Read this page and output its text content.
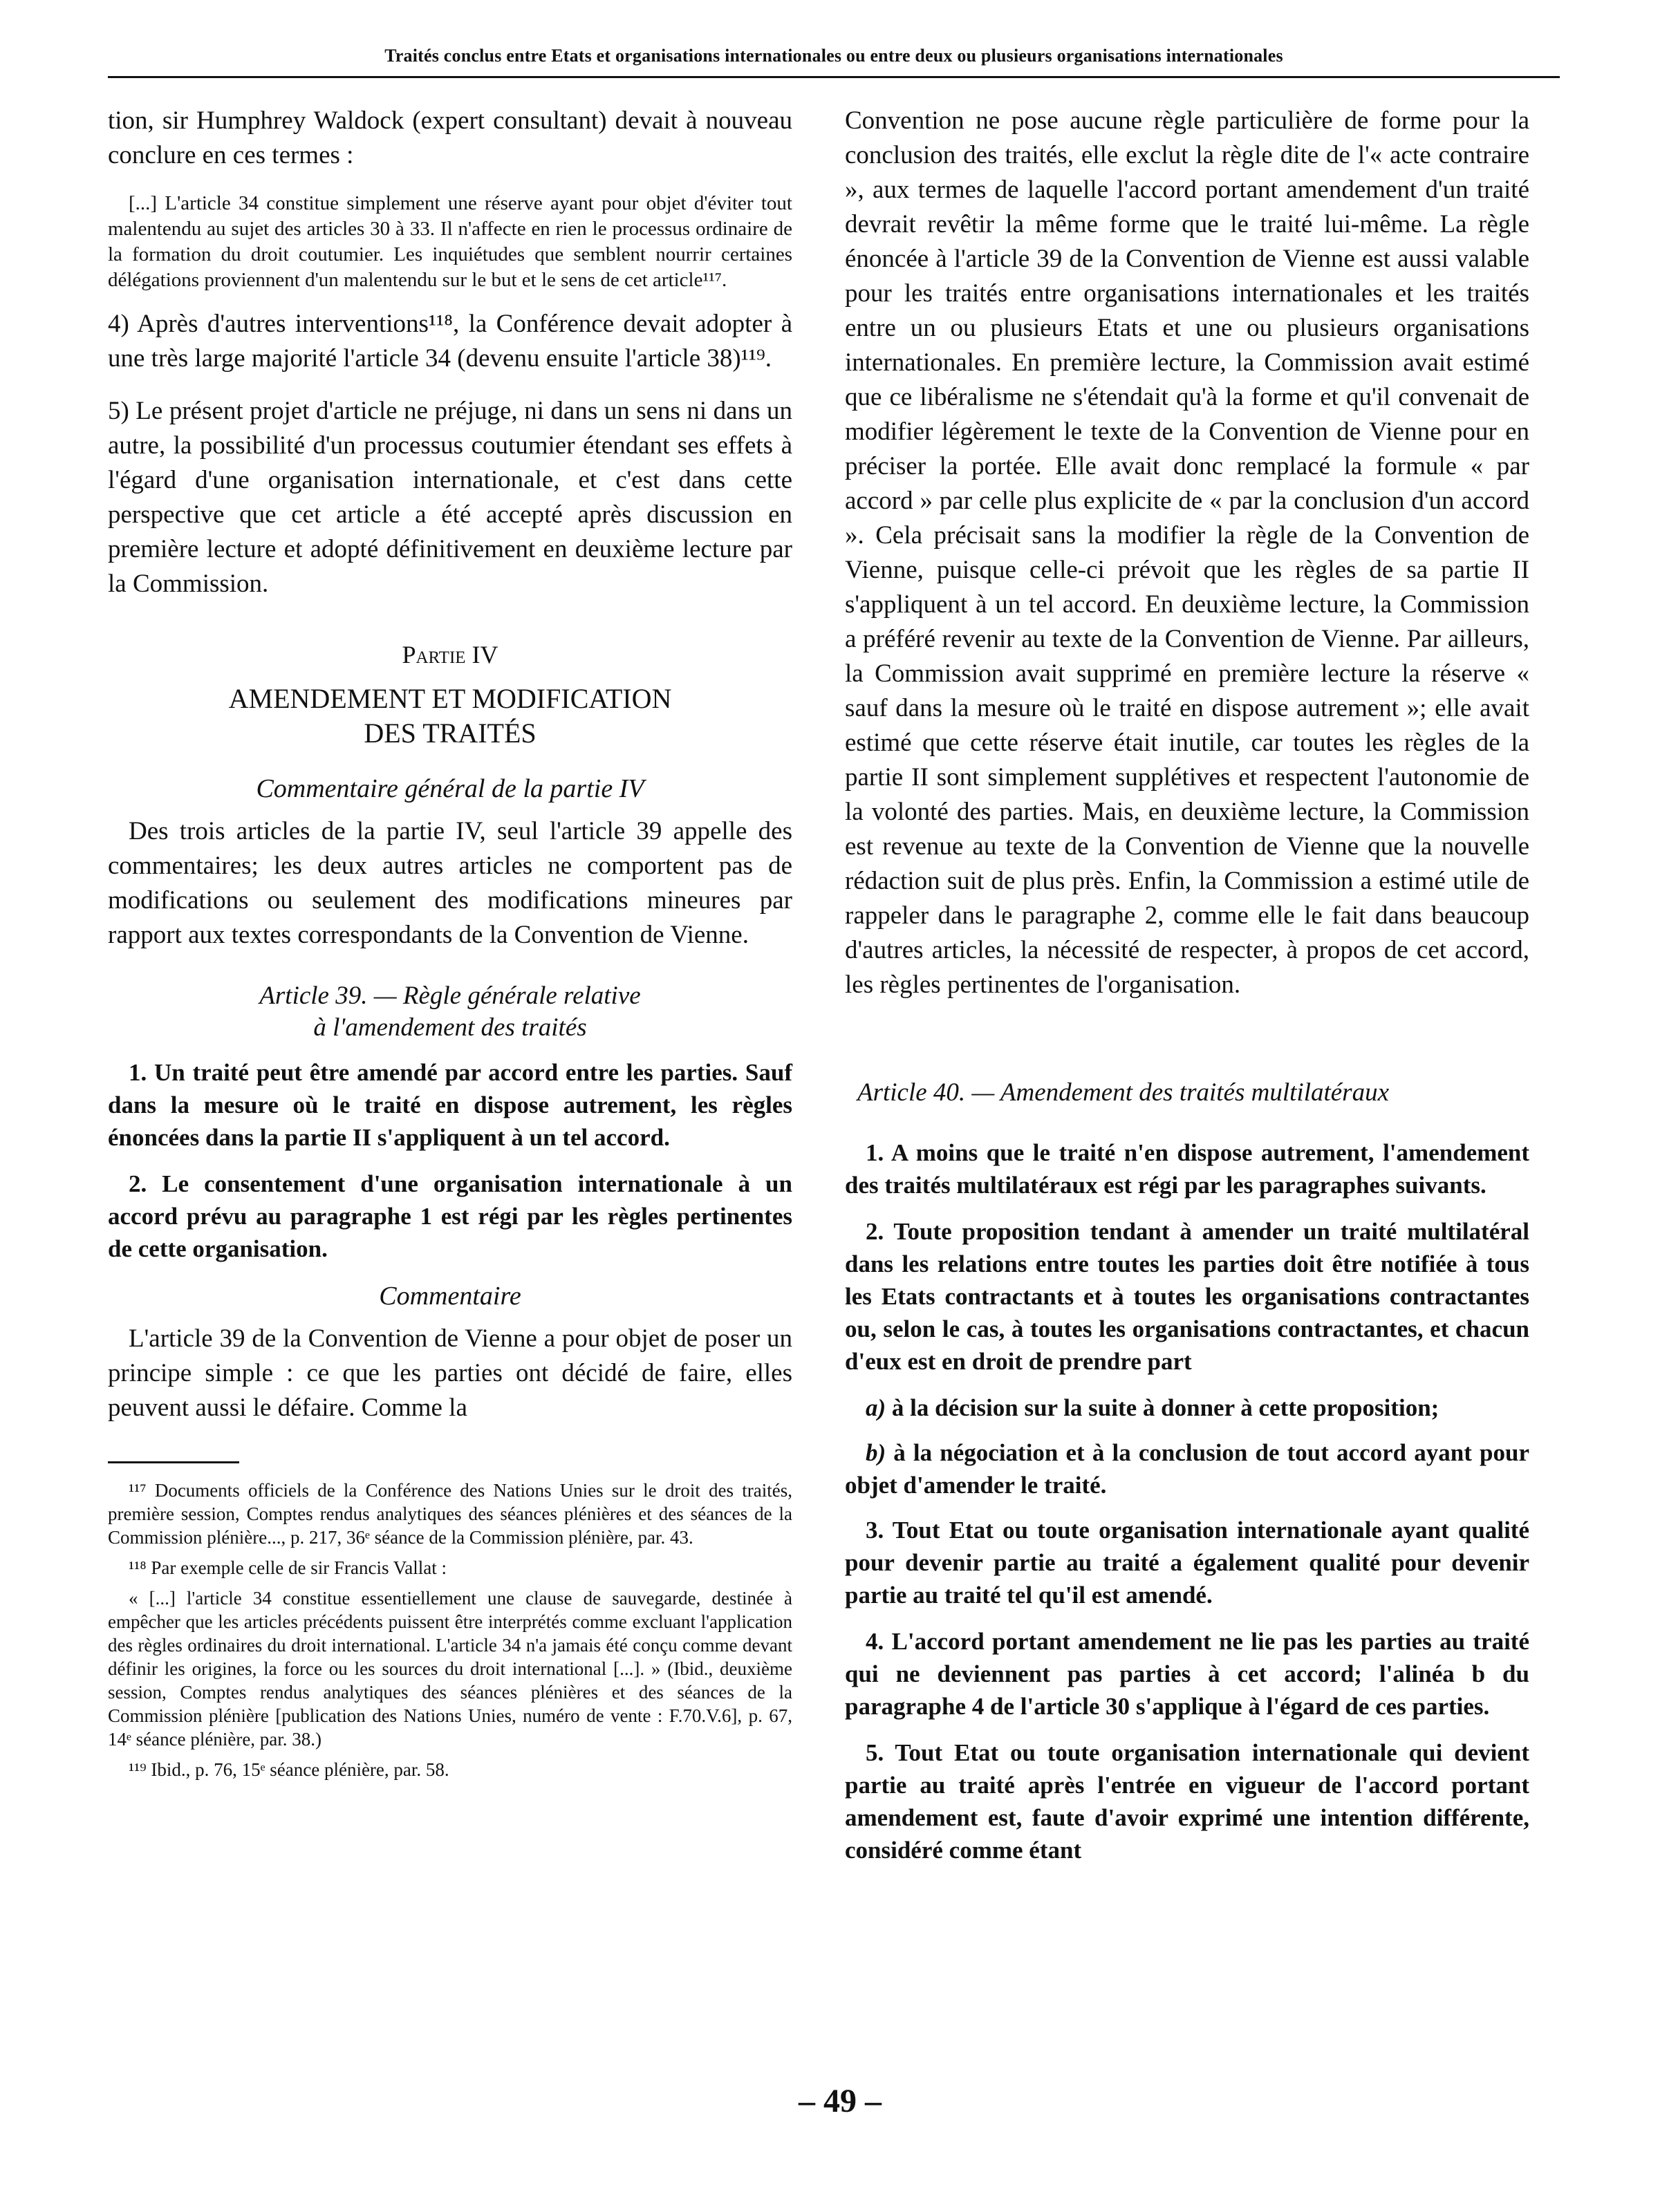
Traités conclus entre Etats et organisations internationales ou entre deux ou plusieurs organisations internationales

tion, sir Humphrey Waldock (expert consultant) devait à nouveau conclure en ces termes :

[...] L'article 34 constitue simplement une réserve ayant pour objet d'éviter tout malentendu au sujet des articles 30 à 33. Il n'affecte en rien le processus ordinaire de la formation du droit coutumier. Les inquiétudes que semblent nourrir certaines délégations proviennent d'un malentendu sur le but et le sens de cet article¹¹⁷.

4) Après d'autres interventions¹¹⁸, la Conférence devait adopter à une très large majorité l'article 34 (devenu ensuite l'article 38)¹¹⁹.

5) Le présent projet d'article ne préjuge, ni dans un sens ni dans un autre, la possibilité d'un processus coutumier étendant ses effets à l'égard d'une organisation internationale, et c'est dans cette perspective que cet article a été accepté après discussion en première lecture et adopté définitivement en deuxième lecture par la Commission.

Partie IV

AMENDEMENT ET MODIFICATION
DES TRAITÉS

Commentaire général de la partie IV

Des trois articles de la partie IV, seul l'article 39 appelle des commentaires; les deux autres articles ne comportent pas de modifications ou seulement des modifications mineures par rapport aux textes correspondants de la Convention de Vienne.

Article 39. — Règle générale relative
à l'amendement des traités

1. Un traité peut être amendé par accord entre les parties. Sauf dans la mesure où le traité en dispose autrement, les règles énoncées dans la partie II s'appliquent à un tel accord.

2. Le consentement d'une organisation internationale à un accord prévu au paragraphe 1 est régi par les règles pertinentes de cette organisation.

Commentaire

L'article 39 de la Convention de Vienne a pour objet de poser un principe simple : ce que les parties ont décidé de faire, elles peuvent aussi le défaire. Comme la

¹¹⁷ Documents officiels de la Conférence des Nations Unies sur le droit des traités, première session, Comptes rendus analytiques des séances plénières et des séances de la Commission plénière..., p. 217, 36ᵉ séance de la Commission plénière, par. 43.

¹¹⁸ Par exemple celle de sir Francis Vallat :

« [...] l'article 34 constitue essentiellement une clause de sauvegarde, destinée à empêcher que les articles précédents puissent être interprétés comme excluant l'application des règles ordinaires du droit international. L'article 34 n'a jamais été conçu comme devant définir les origines, la force ou les sources du droit international [...]. » (Ibid., deuxième session, Comptes rendus analytiques des séances plénières et des séances de la Commission plénière [publication des Nations Unies, numéro de vente : F.70.V.6], p. 67, 14ᵉ séance plénière, par. 38.)

¹¹⁹ Ibid., p. 76, 15ᵉ séance plénière, par. 58.

Convention ne pose aucune règle particulière de forme pour la conclusion des traités, elle exclut la règle dite de l'« acte contraire », aux termes de laquelle l'accord portant amendement d'un traité devrait revêtir la même forme que le traité lui-même. La règle énoncée à l'article 39 de la Convention de Vienne est aussi valable pour les traités entre organisations internationales et les traités entre un ou plusieurs Etats et une ou plusieurs organisations internationales. En première lecture, la Commission avait estimé que ce libéralisme ne s'étendait qu'à la forme et qu'il convenait de modifier légèrement le texte de la Convention de Vienne pour en préciser la portée. Elle avait donc remplacé la formule « par accord » par celle plus explicite de « par la conclusion d'un accord ». Cela précisait sans la modifier la règle de la Convention de Vienne, puisque celle-ci prévoit que les règles de sa partie II s'appliquent à un tel accord. En deuxième lecture, la Commission a préféré revenir au texte de la Convention de Vienne. Par ailleurs, la Commission avait supprimé en première lecture la réserve « sauf dans la mesure où le traité en dispose autrement »; elle avait estimé que cette réserve était inutile, car toutes les règles de la partie II sont simplement supplétives et respectent l'autonomie de la volonté des parties. Mais, en deuxième lecture, la Commission est revenue au texte de la Convention de Vienne que la nouvelle rédaction suit de plus près. Enfin, la Commission a estimé utile de rappeler dans le paragraphe 2, comme elle le fait dans beaucoup d'autres articles, la nécessité de respecter, à propos de cet accord, les règles pertinentes de l'organisation.

Article 40. — Amendement des traités multilatéraux

1. A moins que le traité n'en dispose autrement, l'amendement des traités multilatéraux est régi par les paragraphes suivants.

2. Toute proposition tendant à amender un traité multilatéral dans les relations entre toutes les parties doit être notifiée à tous les Etats contractants et à toutes les organisations contractantes ou, selon le cas, à toutes les organisations contractantes, et chacun d'eux est en droit de prendre part

a) à la décision sur la suite à donner à cette proposition;

b) à la négociation et à la conclusion de tout accord ayant pour objet d'amender le traité.

3. Tout Etat ou toute organisation internationale ayant qualité pour devenir partie au traité a également qualité pour devenir partie au traité tel qu'il est amendé.

4. L'accord portant amendement ne lie pas les parties au traité qui ne deviennent pas parties à cet accord; l'alinéa b du paragraphe 4 de l'article 30 s'applique à l'égard de ces parties.

5. Tout Etat ou toute organisation internationale qui devient partie au traité après l'entrée en vigueur de l'accord portant amendement est, faute d'avoir exprimé une intention différente, considéré comme étant

– 49 –
